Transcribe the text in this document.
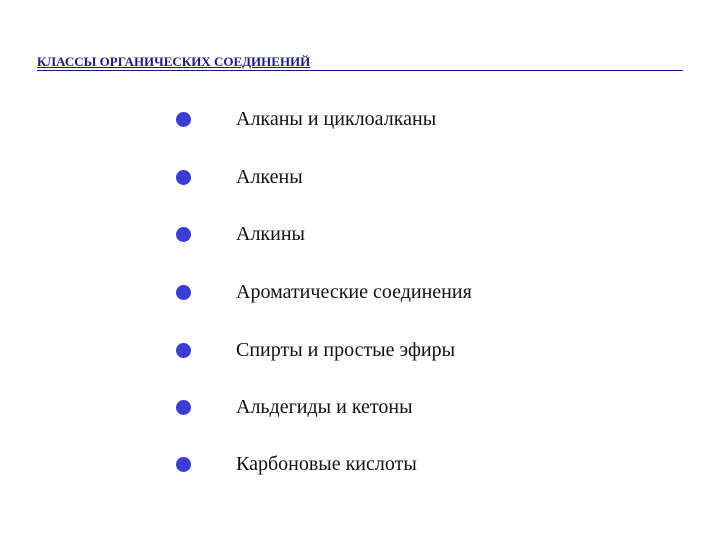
КЛАССЫ ОРГАНИЧЕСКИХ СОЕДИНЕНИЙ
Алканы и циклоалканы
Алкены
Алкины
Ароматические соединения
Спирты и простые эфиры
Альдегиды и кетоны
Карбоновые кислоты
